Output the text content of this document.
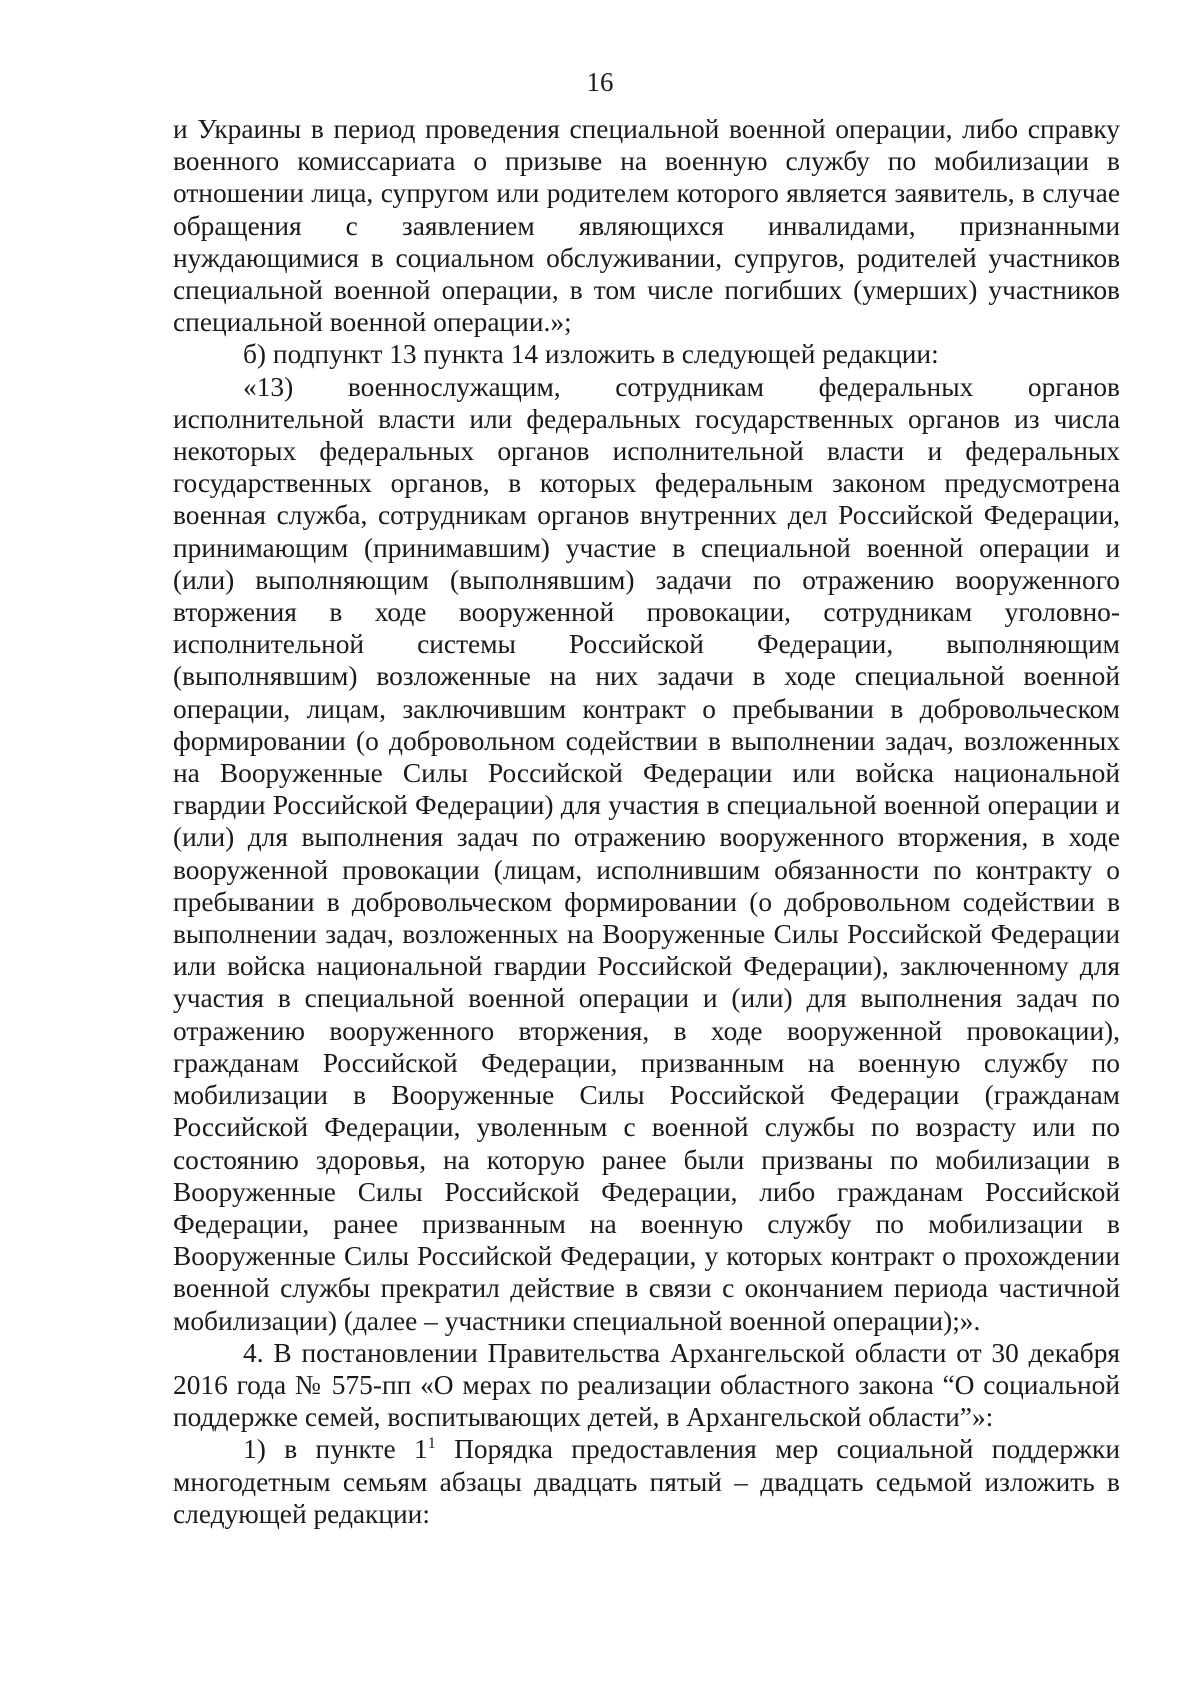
16

и Украины в период проведения специальной военной операции, либо справку военного комиссариата о призыве на военную службу по мобилизации в отношении лица, супругом или родителем которого является заявитель, в случае обращения с заявлением являющихся инвалидами, признанными нуждающимися в социальном обслуживании, супругов, родителей участников специальной военной операции, в том числе погибших (умерших) участников специальной военной операции.»;

б) подпункт 13 пункта 14 изложить в следующей редакции:

«13) военнослужащим, сотрудникам федеральных органов исполнительной власти или федеральных государственных органов из числа некоторых федеральных органов исполнительной власти и федеральных государственных органов, в которых федеральным законом предусмотрена военная служба, сотрудникам органов внутренних дел Российской Федерации, принимающим (принимавшим) участие в специальной военной операции и (или) выполняющим (выполнявшим) задачи по отражению вооруженного вторжения в ходе вооруженной провокации, сотрудникам уголовно-исполнительной системы Российской Федерации, выполняющим (выполнявшим) возложенные на них задачи в ходе специальной военной операции, лицам, заключившим контракт о пребывании в добровольческом формировании (о добровольном содействии в выполнении задач, возложенных на Вооруженные Силы Российской Федерации или войска национальной гвардии Российской Федерации) для участия в специальной военной операции и (или) для выполнения задач по отражению вооруженного вторжения, в ходе вооруженной провокации (лицам, исполнившим обязанности по контракту о пребывании в добровольческом формировании (о добровольном содействии в выполнении задач, возложенных на Вооруженные Силы Российской Федерации или войска национальной гвардии Российской Федерации), заключенному для участия в специальной военной операции и (или) для выполнения задач по отражению вооруженного вторжения, в ходе вооруженной провокации), гражданам Российской Федерации, призванным на военную службу по мобилизации в Вооруженные Силы Российской Федерации (гражданам Российской Федерации, уволенным с военной службы по возрасту или по состоянию здоровья, на которую ранее были призваны по мобилизации в Вооруженные Силы Российской Федерации, либо гражданам Российской Федерации, ранее призванным на военную службу по мобилизации в Вооруженные Силы Российской Федерации, у которых контракт о прохождении военной службы прекратил действие в связи с окончанием периода частичной мобилизации) (далее – участники специальной военной операции);».

4. В постановлении Правительства Архангельской области от 30 декабря 2016 года № 575-пп «О мерах по реализации областного закона “О социальной поддержке семей, воспитывающих детей, в Архангельской области”»:

1) в пункте $1^1$ Порядка предоставления мер социальной поддержки многодетным семьям абзацы двадцать пятый – двадцать седьмой изложить в следующей редакции:
